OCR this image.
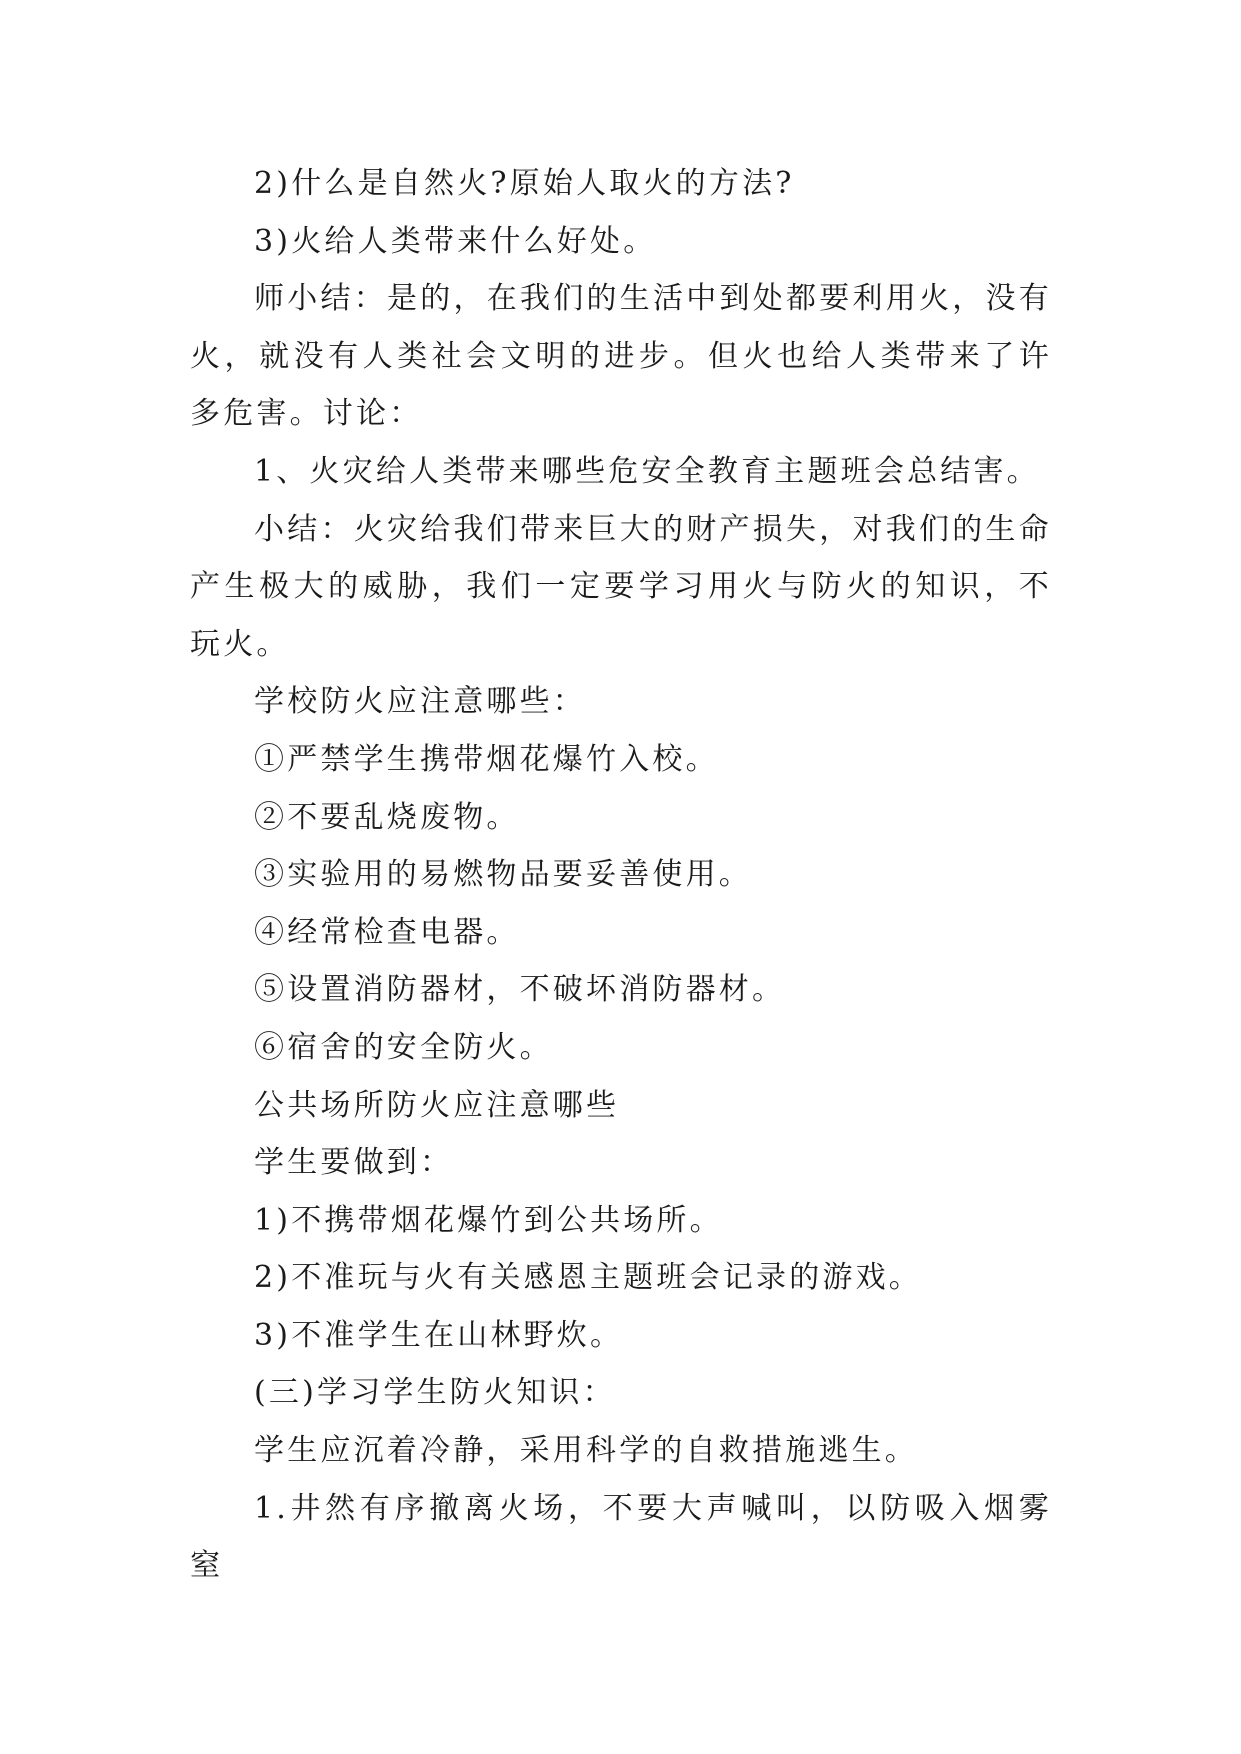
2)什么是自然火?原始人取火的方法?

3)火给人类带来什么好处。

师小结：是的，在我们的生活中到处都要利用火，没有火，就没有人类社会文明的进步。但火也给人类带来了许多危害。讨论：

1、火灾给人类带来哪些危安全教育主题班会总结害。

小结：火灾给我们带来巨大的财产损失，对我们的生命产生极大的威胁，我们一定要学习用火与防火的知识，不玩火。

学校防火应注意哪些：

①严禁学生携带烟花爆竹入校。

②不要乱烧废物。

③实验用的易燃物品要妥善使用。

④经常检查电器。

⑤设置消防器材，不破坏消防器材。

⑥宿舍的安全防火。

公共场所防火应注意哪些

学生要做到：

1)不携带烟花爆竹到公共场所。

2)不准玩与火有关感恩主题班会记录的游戏。

3)不准学生在山林野炊。

(三)学习学生防火知识：

学生应沉着冷静，采用科学的自救措施逃生。

1.井然有序撤离火场，不要大声喊叫，以防吸入烟雾窒
